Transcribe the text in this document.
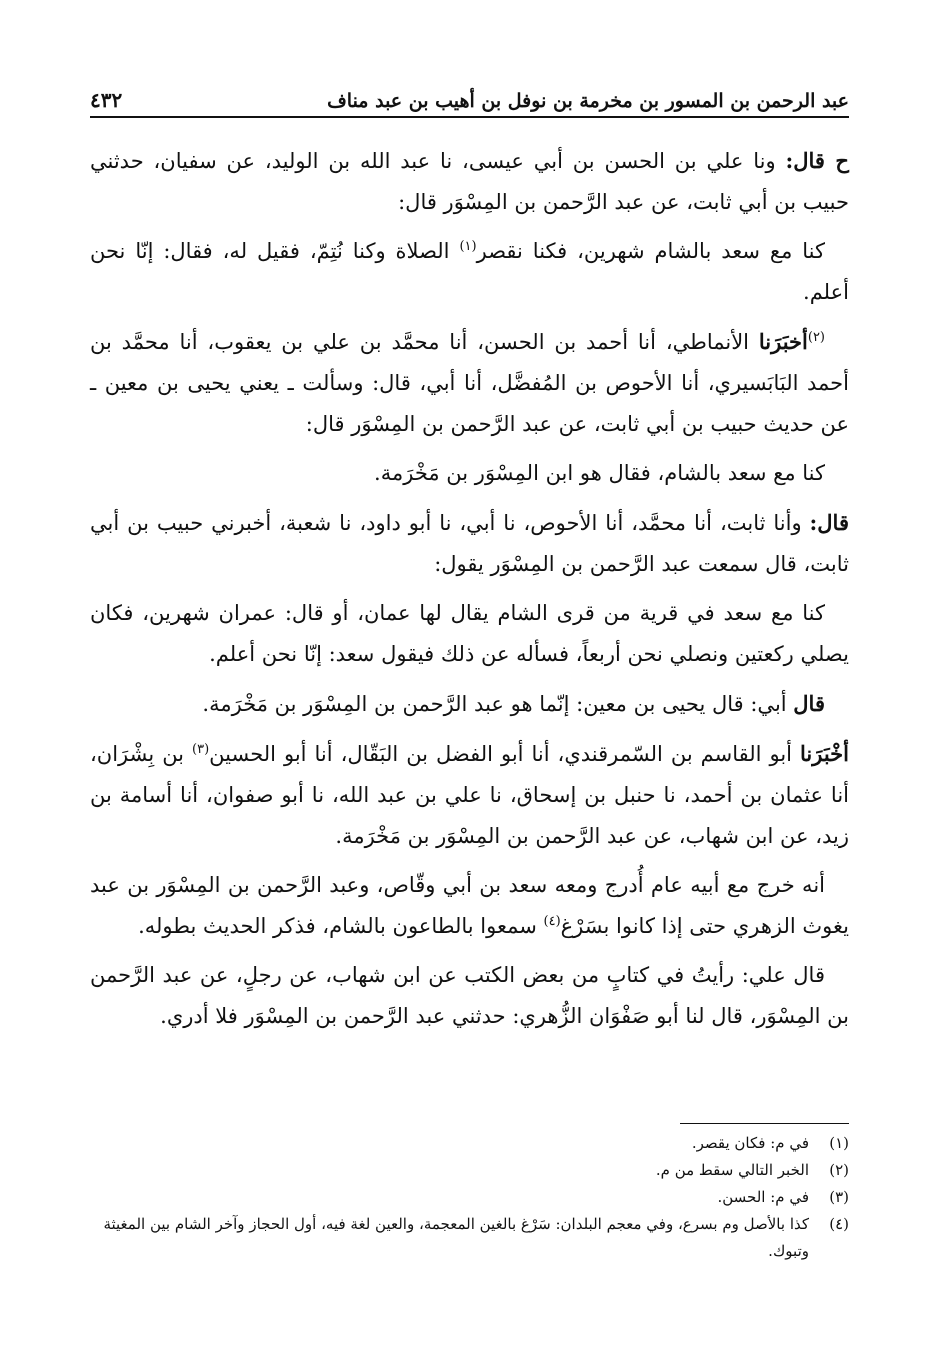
عبد الرحمن بن المسور بن مخرمة بن نوفل بن أهيب بن عبد مناف
٤٣٢

ح قال: ونا علي بن الحسن بن أبي عيسى، نا عبد الله بن الوليد، عن سفيان، حدثني حبيب بن أبي ثابت، عن عبد الرَّحمن بن المِسْوَر قال:

كنا مع سعد بالشام شهرين، فكنا نقصر$^{(١)}$ الصلاة وكنا نُتِمّ، فقيل له، فقال: إنّا نحن أعلم.

$^{(٢)}$أخبَرَنا الأنماطي، أنا أحمد بن الحسن، أنا محمَّد بن علي بن يعقوب، أنا محمَّد بن أحمد البَابَسيري، أنا الأحوص بن المُفضَّل، أنا أبي، قال: وسألت ـ يعني يحيى بن معين ـ عن حديث حبيب بن أبي ثابت، عن عبد الرَّحمن بن المِسْوَر قال:

كنا مع سعد بالشام، فقال هو ابن المِسْوَر بن مَخْرَمة.

قال: وأنا ثابت، أنا محمَّد، أنا الأحوص، نا أبي، نا أبو داود، نا شعبة، أخبرني حبيب بن أبي ثابت، قال سمعت عبد الرَّحمن بن المِسْوَر يقول:

كنا مع سعد في قرية من قرى الشام يقال لها عمان، أو قال: عمران شهرين، فكان يصلي ركعتين ونصلي نحن أربعاً، فسأله عن ذلك فيقول سعد: إنّا نحن أعلم.

قال أبي: قال يحيى بن معين: إنّما هو عبد الرَّحمن بن المِسْوَر بن مَخْرَمة.

أخْبَرَنا أبو القاسم بن السّمرقندي، أنا أبو الفضل بن البَقّال، أنا أبو الحسين$^{(٣)}$ بن بِشْرَان، أنا عثمان بن أحمد، نا حنبل بن إسحاق، نا علي بن عبد الله، نا أبو صفوان، أنا أسامة بن زيد، عن ابن شهاب، عن عبد الرَّحمن بن المِسْوَر بن مَخْرَمة.

أنه خرج مع أبيه عام أُدرج ومعه سعد بن أبي وقّاص، وعبد الرَّحمن بن المِسْوَر بن عبد يغوث الزهري حتى إذا كانوا بسَرْغ$^{(٤)}$ سمعوا بالطاعون بالشام، فذكر الحديث بطوله.

قال علي: رأيتُ في كتابٍ من بعض الكتب عن ابن شهاب، عن رجلٍ، عن عبد الرَّحمن بن المِسْوَر، قال لنا أبو صَفْوَان الزُّهري: حدثني عبد الرَّحمن بن المِسْوَر فلا أدري.

(١)
في م: فكان يقصر.
(٢)
الخبر التالي سقط من م.
(٣)
في م: الحسن.
(٤)
كذا بالأصل وم بسرع، وفي معجم البلدان: سَرْغ بالغين المعجمة، والعين لغة فيه، أول الحجاز وآخر الشام بين المغيثة وتبوك.
